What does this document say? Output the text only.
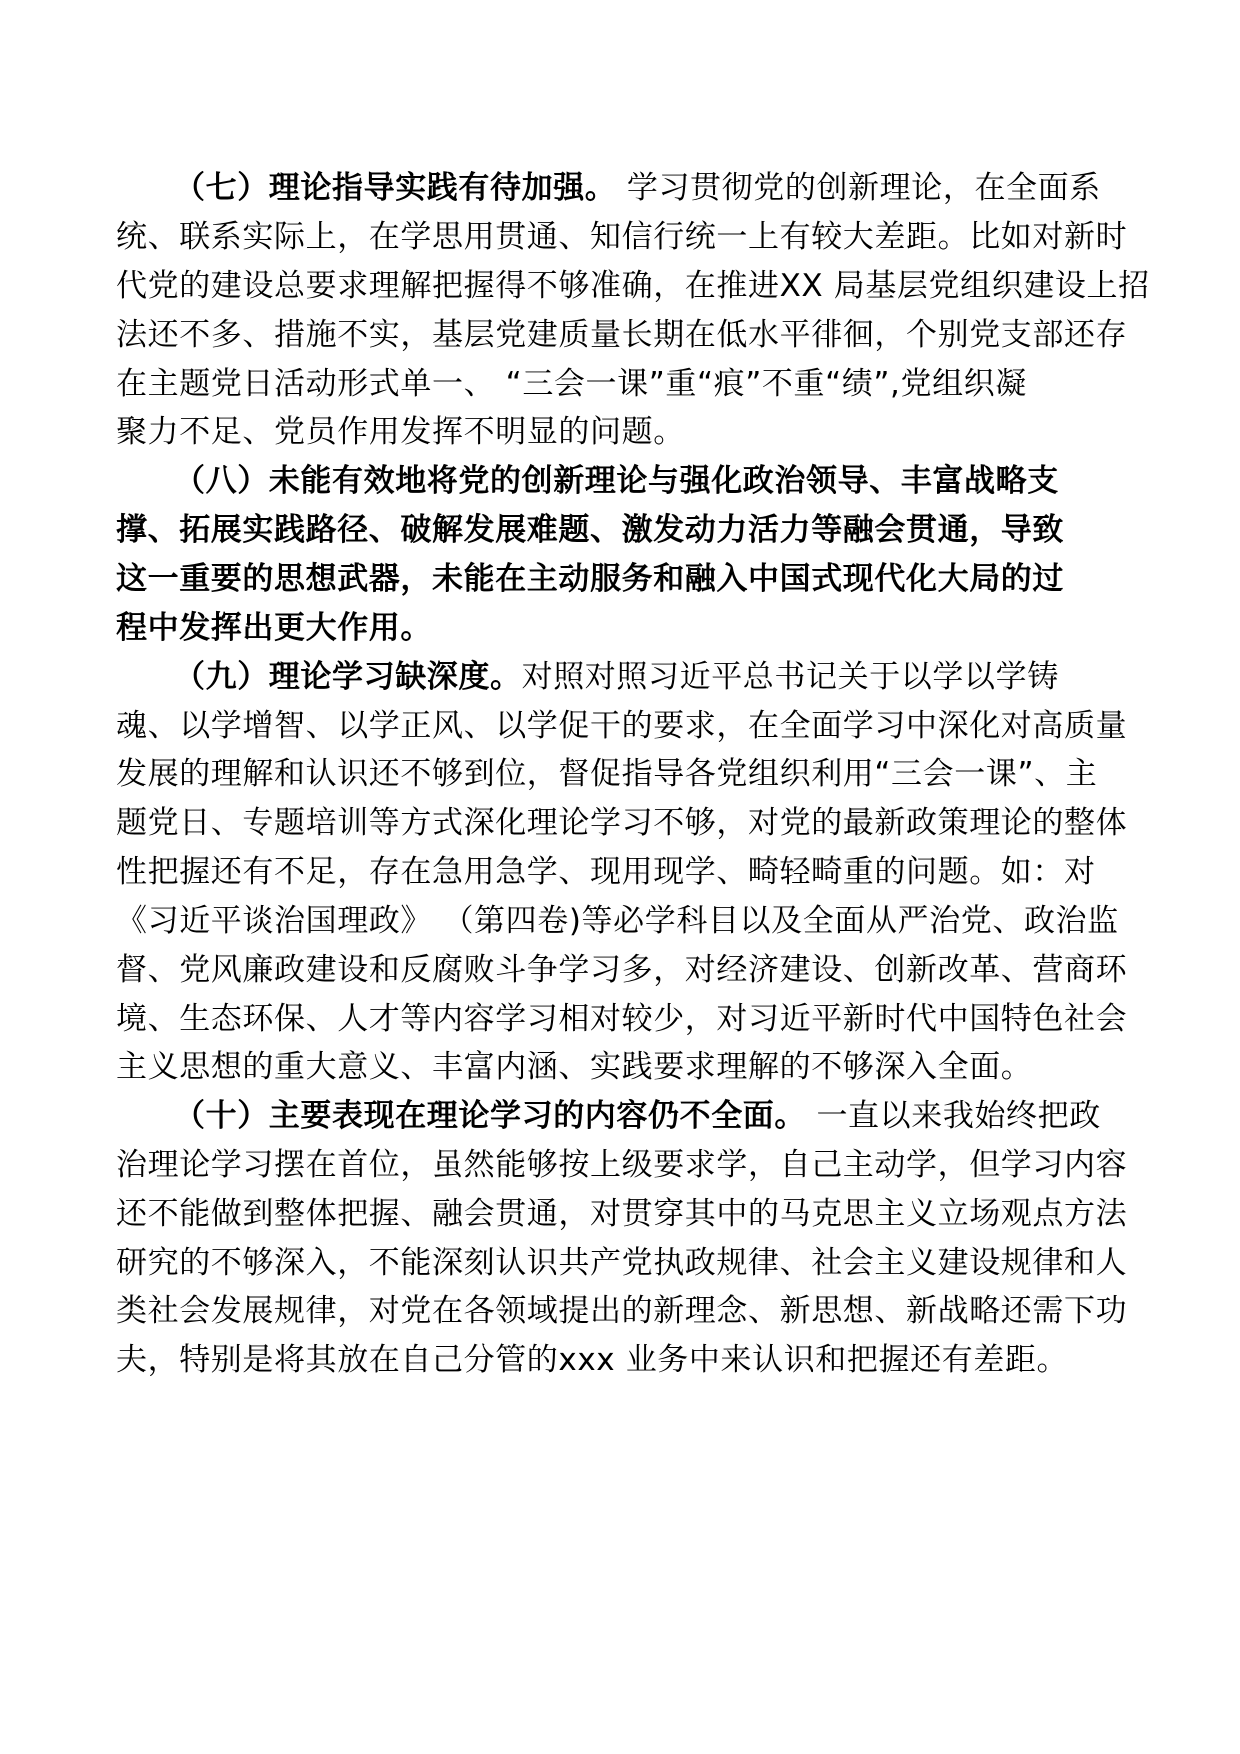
（七）理论指导实践有待加强。 学习贯彻党的创新理论，在全面系
统、联系实际上，在学思用贯通、知信行统一上有较大差距。比如对新时
代党的建设总要求理解把握得不够准确，在推进XX 局基层党组织建设上招
法还不多、措施不实，基层党建质量长期在低水平徘徊，个别党支部还存
在主题党日活动形式单一、 “三会一课”重“痕”不重“绩”,党组织凝
聚力不足、党员作用发挥不明显的问题。
（八）未能有效地将党的创新理论与强化政治领导、丰富战略支
撑、拓展实践路径、破解发展难题、激发动力活力等融会贯通，导致
这一重要的思想武器，未能在主动服务和融入中国式现代化大局的过
程中发挥出更大作用。
（九）理论学习缺深度。对照对照习近平总书记关于以学以学铸
魂、以学增智、以学正风、以学促干的要求，在全面学习中深化对高质量
发展的理解和认识还不够到位，督促指导各党组织利用“三会一课”、主
题党日、专题培训等方式深化理论学习不够，对党的最新政策理论的整体
性把握还有不足，存在急用急学、现用现学、畸轻畸重的问题。如：对
《习近平谈治国理政》 （第四卷)等必学科目以及全面从严治党、政治监
督、党风廉政建设和反腐败斗争学习多，对经济建设、创新改革、营商环
境、生态环保、人才等内容学习相对较少，对习近平新时代中国特色社会
主义思想的重大意义、丰富内涵、实践要求理解的不够深入全面。
（十）主要表现在理论学习的内容仍不全面。 一直以来我始终把政
治理论学习摆在首位，虽然能够按上级要求学，自己主动学，但学习内容
还不能做到整体把握、融会贯通，对贯穿其中的马克思主义立场观点方法
研究的不够深入，不能深刻认识共产党执政规律、社会主义建设规律和人
类社会发展规律，对党在各领域提出的新理念、新思想、新战略还需下功
夫，特别是将其放在自己分管的xxx 业务中来认识和把握还有差距。
